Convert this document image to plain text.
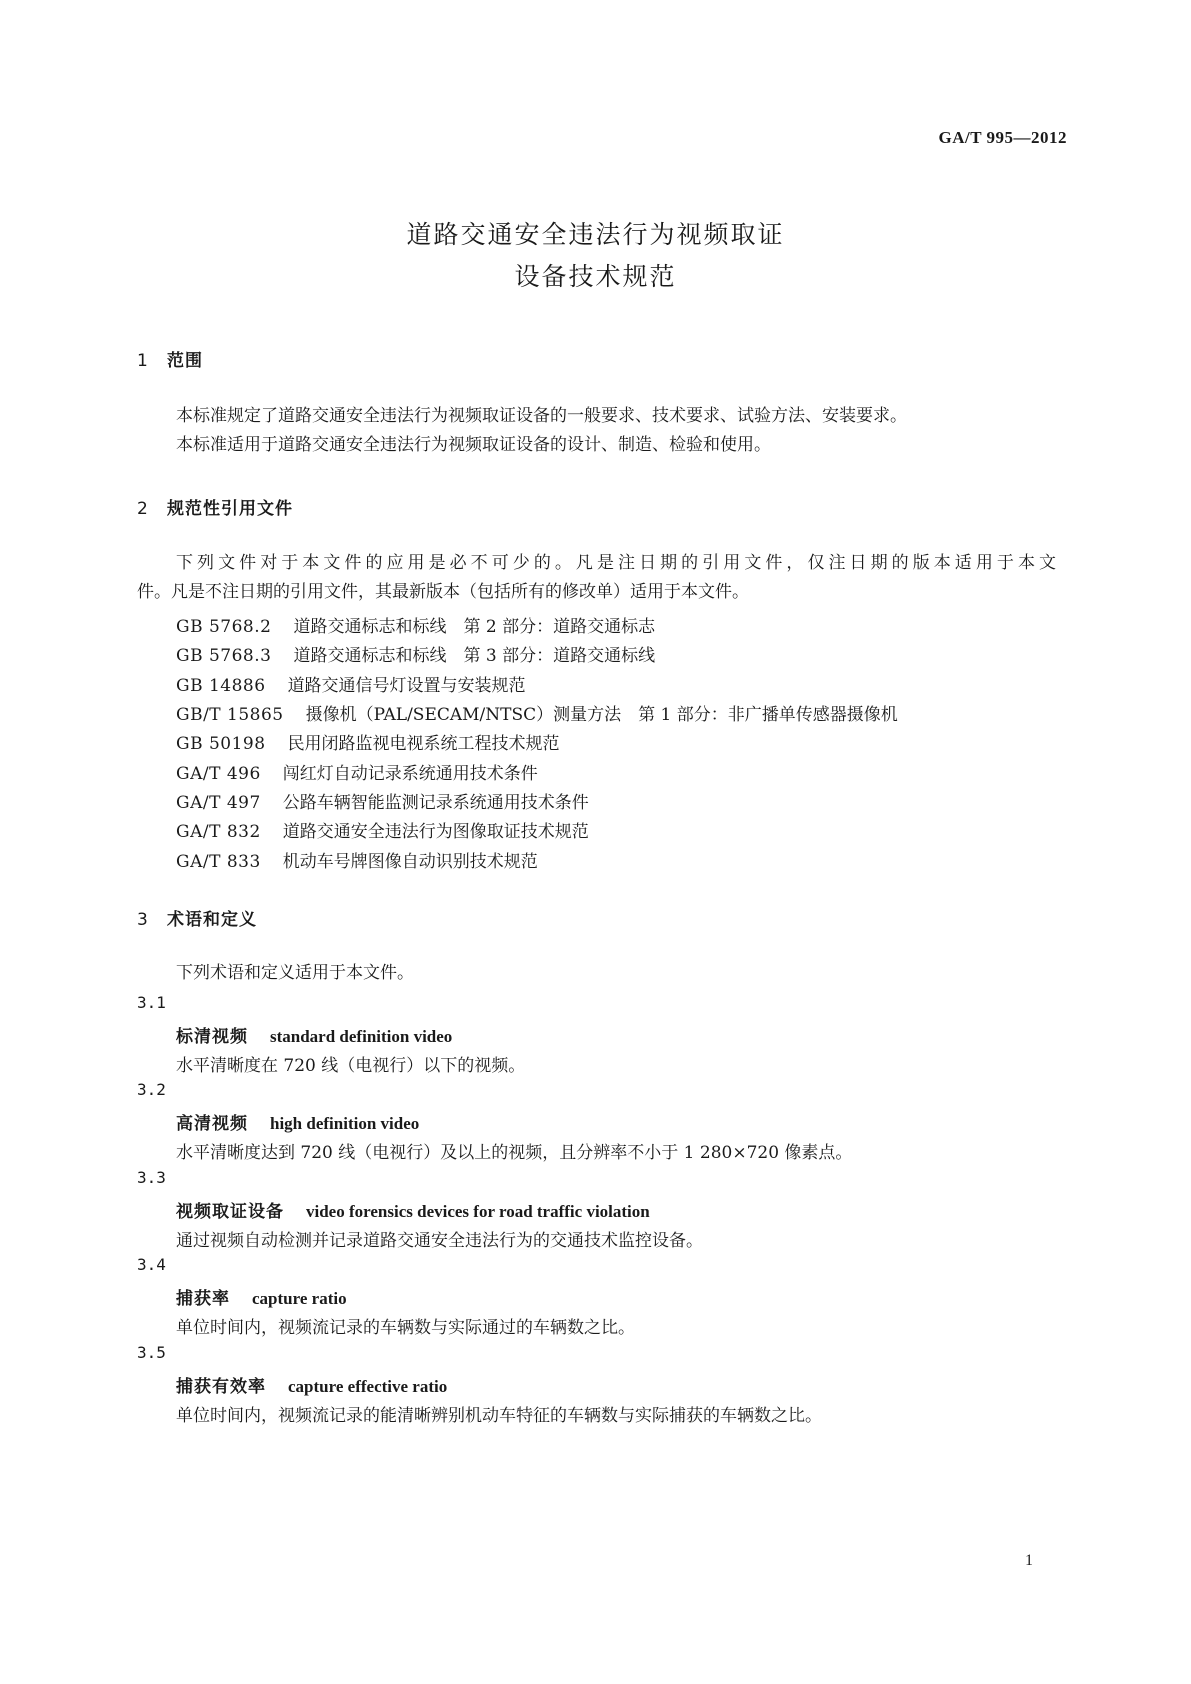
GA/T 995—2012
道路交通安全违法行为视频取证
设备技术规范
1 范围
本标准规定了道路交通安全违法行为视频取证设备的一般要求、技术要求、试验方法、安装要求。
本标准适用于道路交通安全违法行为视频取证设备的设计、制造、检验和使用。
2 规范性引用文件
下列文件对于本文件的应用是必不可少的。凡是注日期的引用文件，仅注日期的版本适用于本文
件。凡是不注日期的引用文件，其最新版本（包括所有的修改单）适用于本文件。
GB 5768.2 道路交通标志和标线　第 2 部分：道路交通标志
GB 5768.3 道路交通标志和标线　第 3 部分：道路交通标线
GB 14886 道路交通信号灯设置与安装规范
GB/T 15865 摄像机（PAL/SECAM/NTSC）测量方法　第 1 部分：非广播单传感器摄像机
GB 50198 民用闭路监视电视系统工程技术规范
GA/T 496 闯红灯自动记录系统通用技术条件
GA/T 497 公路车辆智能监测记录系统通用技术条件
GA/T 832 道路交通安全违法行为图像取证技术规范
GA/T 833 机动车号牌图像自动识别技术规范
3 术语和定义
下列术语和定义适用于本文件。
3.1
标清视频 standard definition video
水平清晰度在 720 线（电视行）以下的视频。
3.2
高清视频 high definition video
水平清晰度达到 720 线（电视行）及以上的视频，且分辨率不小于 1 280×720 像素点。
3.3
视频取证设备 video forensics devices for road traffic violation
通过视频自动检测并记录道路交通安全违法行为的交通技术监控设备。
3.4
捕获率 capture ratio
单位时间内，视频流记录的车辆数与实际通过的车辆数之比。
3.5
捕获有效率 capture effective ratio
单位时间内，视频流记录的能清晰辨别机动车特征的车辆数与实际捕获的车辆数之比。
1
